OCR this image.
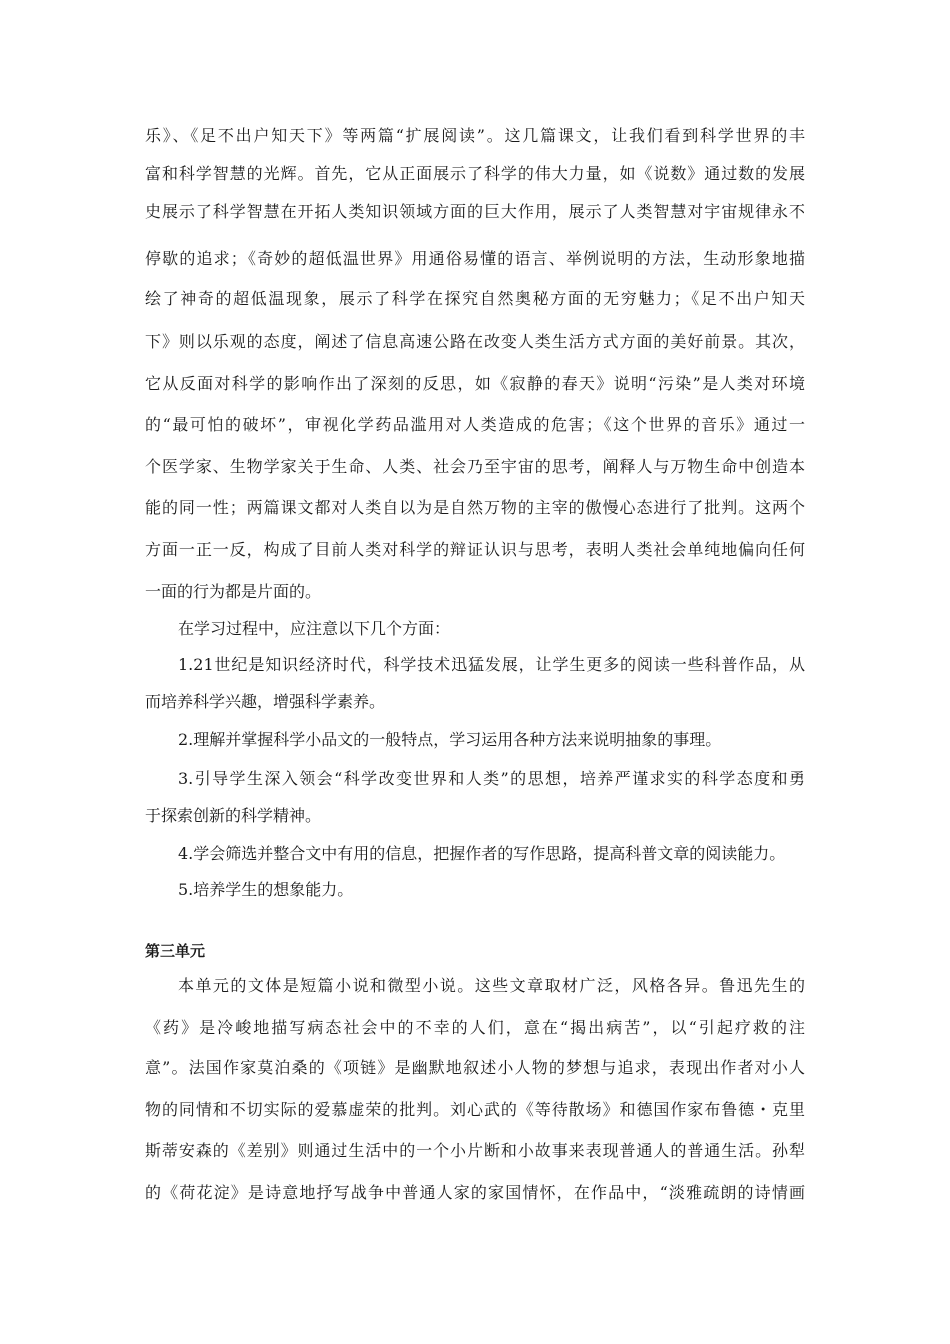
乐》、《足不出户知天下》等两篇“扩展阅读”。这几篇课文，让我们看到科学世界的丰
富和科学智慧的光辉。首先，它从正面展示了科学的伟大力量，如《说数》通过数的发展
史展示了科学智慧在开拓人类知识领域方面的巨大作用，展示了人类智慧对宇宙规律永不
停歇的追求；《奇妙的超低温世界》用通俗易懂的语言、举例说明的方法，生动形象地描
绘了神奇的超低温现象，展示了科学在探究自然奥秘方面的无穷魅力；《足不出户知天
下》则以乐观的态度，阐述了信息高速公路在改变人类生活方式方面的美好前景。其次，
它从反面对科学的影响作出了深刻的反思，如《寂静的春天》说明“污染”是人类对环境
的“最可怕的破坏”，审视化学药品滥用对人类造成的危害；《这个世界的音乐》通过一
个医学家、生物学家关于生命、人类、社会乃至宇宙的思考，阐释人与万物生命中创造本
能的同一性；两篇课文都对人类自以为是自然万物的主宰的傲慢心态进行了批判。这两个
方面一正一反，构成了目前人类对科学的辩证认识与思考，表明人类社会单纯地偏向任何
一面的行为都是片面的。
在学习过程中，应注意以下几个方面：
1.21世纪是知识经济时代，科学技术迅猛发展，让学生更多的阅读一些科普作品，从
而培养科学兴趣，增强科学素养。
2.理解并掌握科学小品文的一般特点，学习运用各种方法来说明抽象的事理。
3.引导学生深入领会“科学改变世界和人类”的思想，培养严谨求实的科学态度和勇
于探索创新的科学精神。
4.学会筛选并整合文中有用的信息，把握作者的写作思路，提高科普文章的阅读能力。
5.培养学生的想象能力。
第三单元
本单元的文体是短篇小说和微型小说。这些文章取材广泛，风格各异。鲁迅先生的
《药》是冷峻地描写病态社会中的不幸的人们，意在“揭出病苦”，以“引起疗救的注
意”。法国作家莫泊桑的《项链》是幽默地叙述小人物的梦想与追求，表现出作者对小人
物的同情和不切实际的爱慕虚荣的批判。刘心武的《等待散场》和德国作家布鲁德・克里
斯蒂安森的《差别》则通过生活中的一个小片断和小故事来表现普通人的普通生活。孙犁
的《荷花淀》是诗意地抒写战争中普通人家的家国情怀，在作品中，“淡雅疏朗的诗情画
